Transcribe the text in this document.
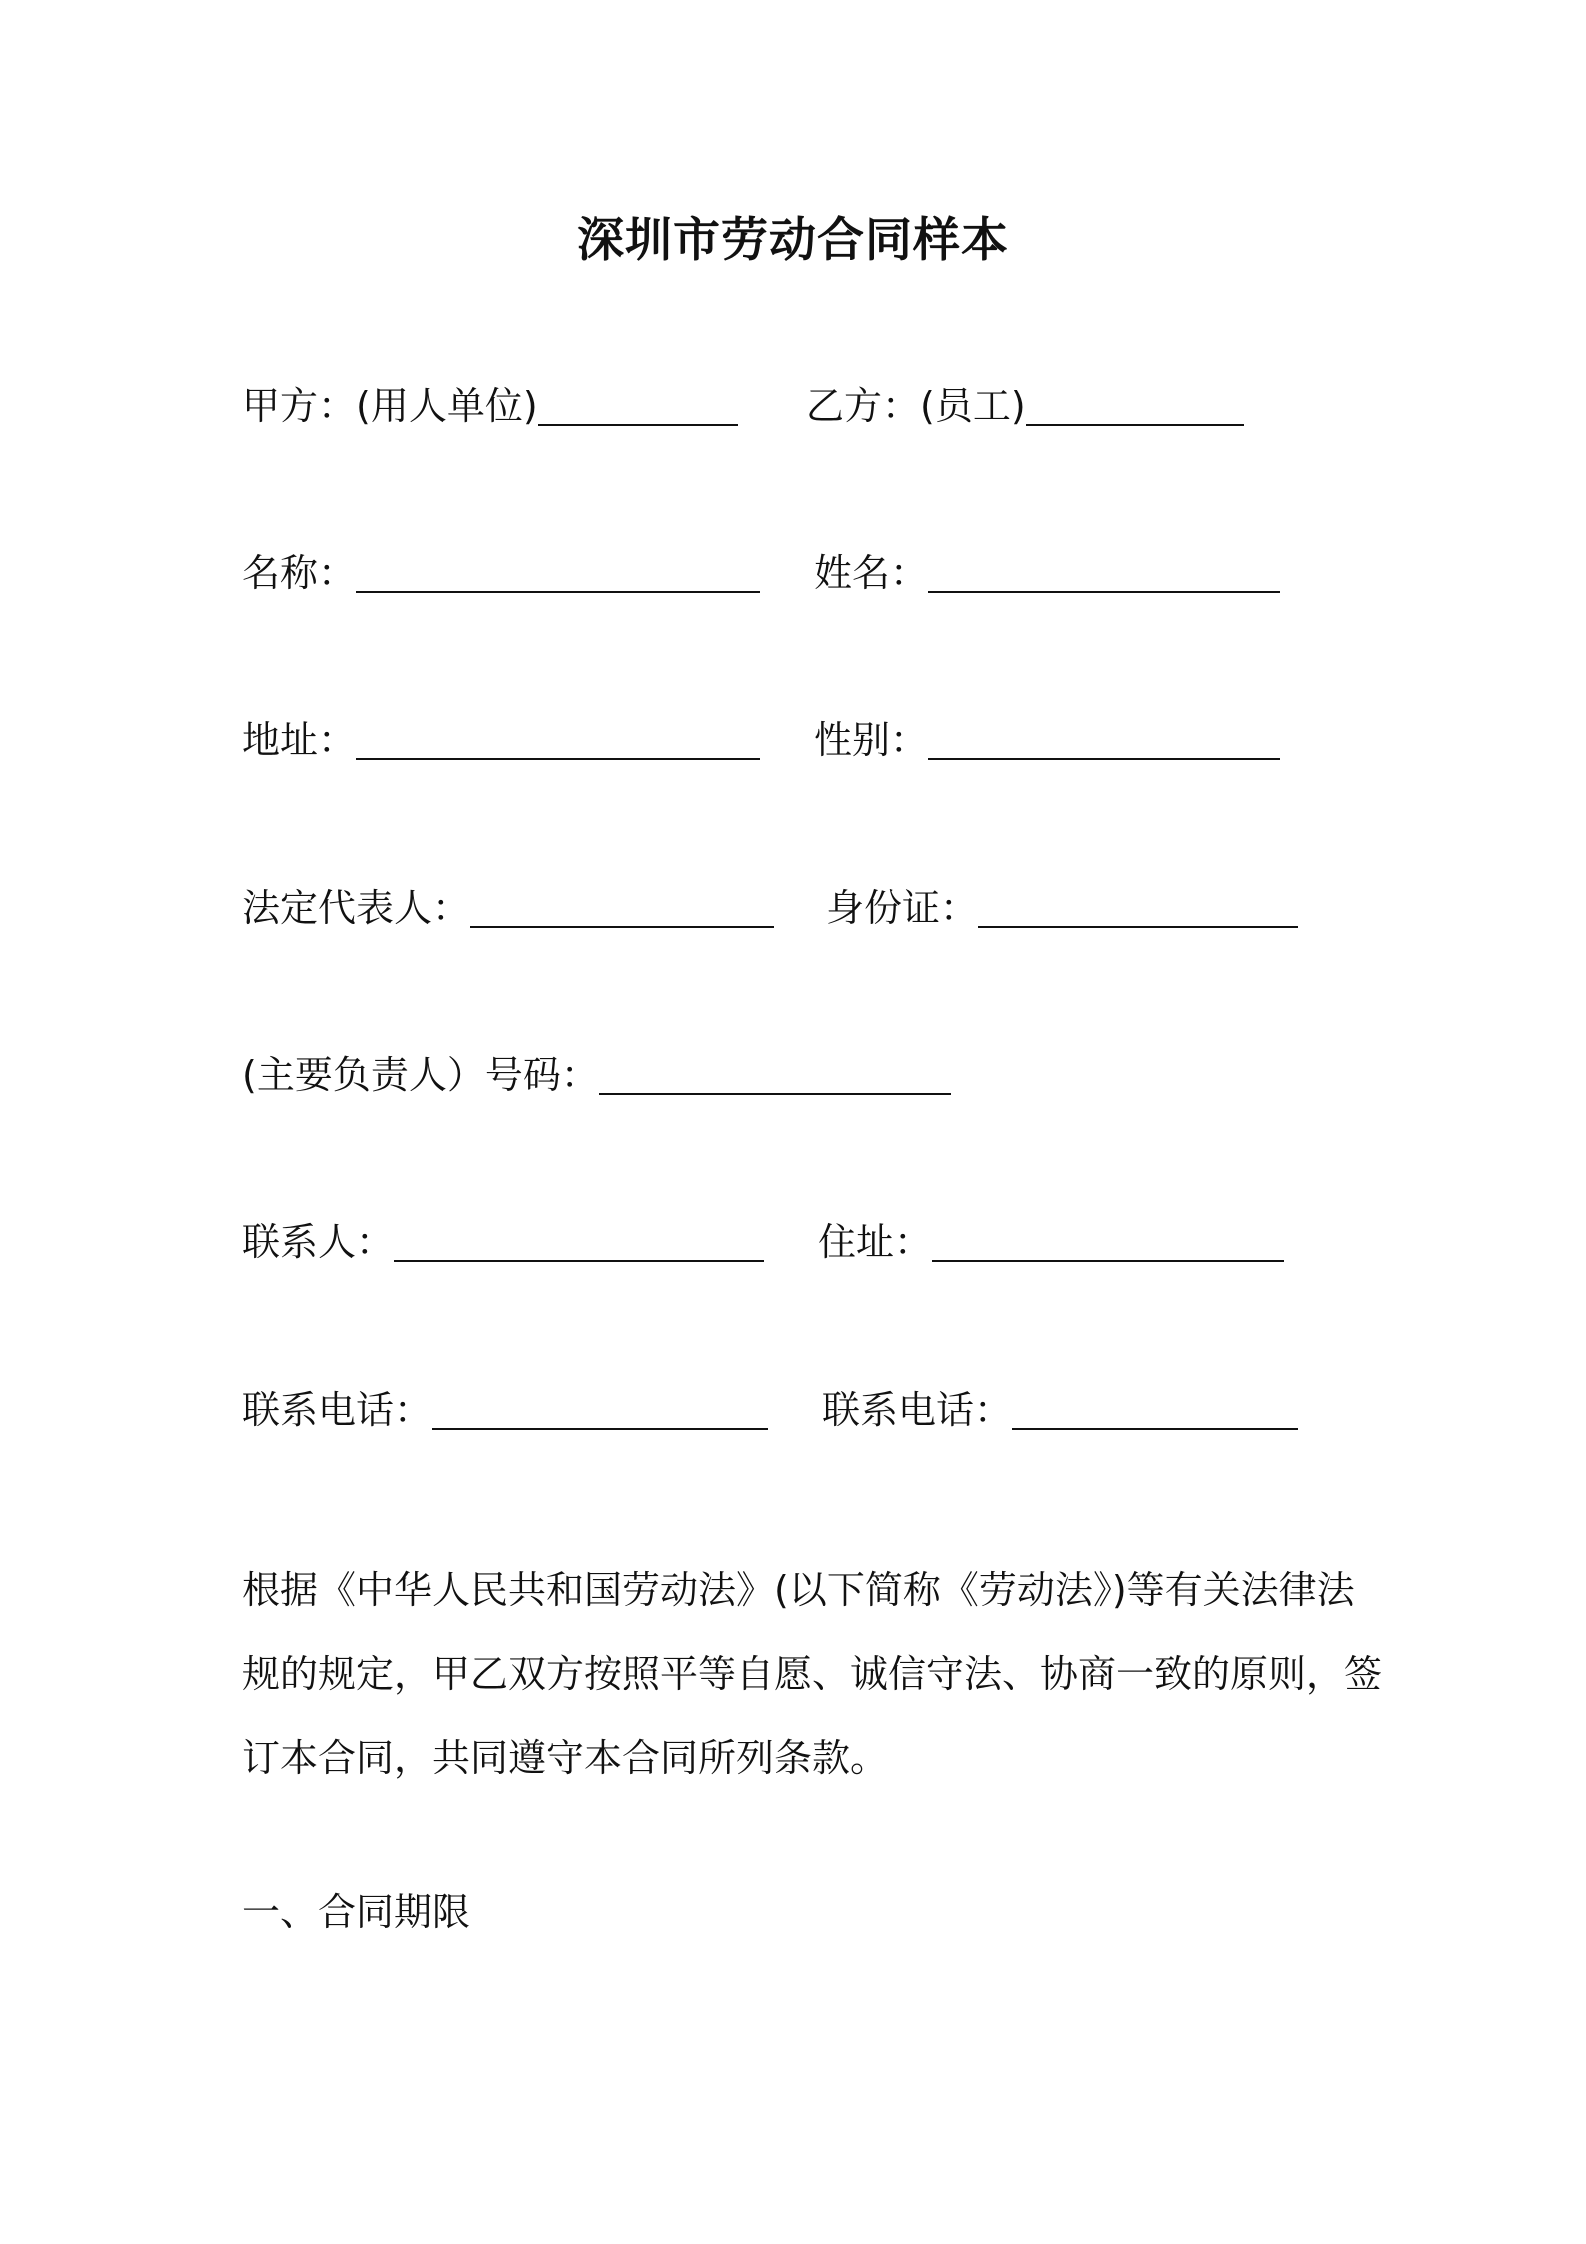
深圳市劳动合同样本
甲方：(用人单位)	乙方：(员工)
名称：	姓名：
地址：	性别：
法定代表人：	身份证：
(主要负责人）号码：
联系人：	住址：
联系电话：	联系电话：
根据《中华人民共和国劳动法》(以下简称《劳动法》)等有关法律法
规的规定，甲乙双方按照平等自愿、诚信守法、协商一致的原则，签
订本合同，共同遵守本合同所列条款。
一、合同期限
